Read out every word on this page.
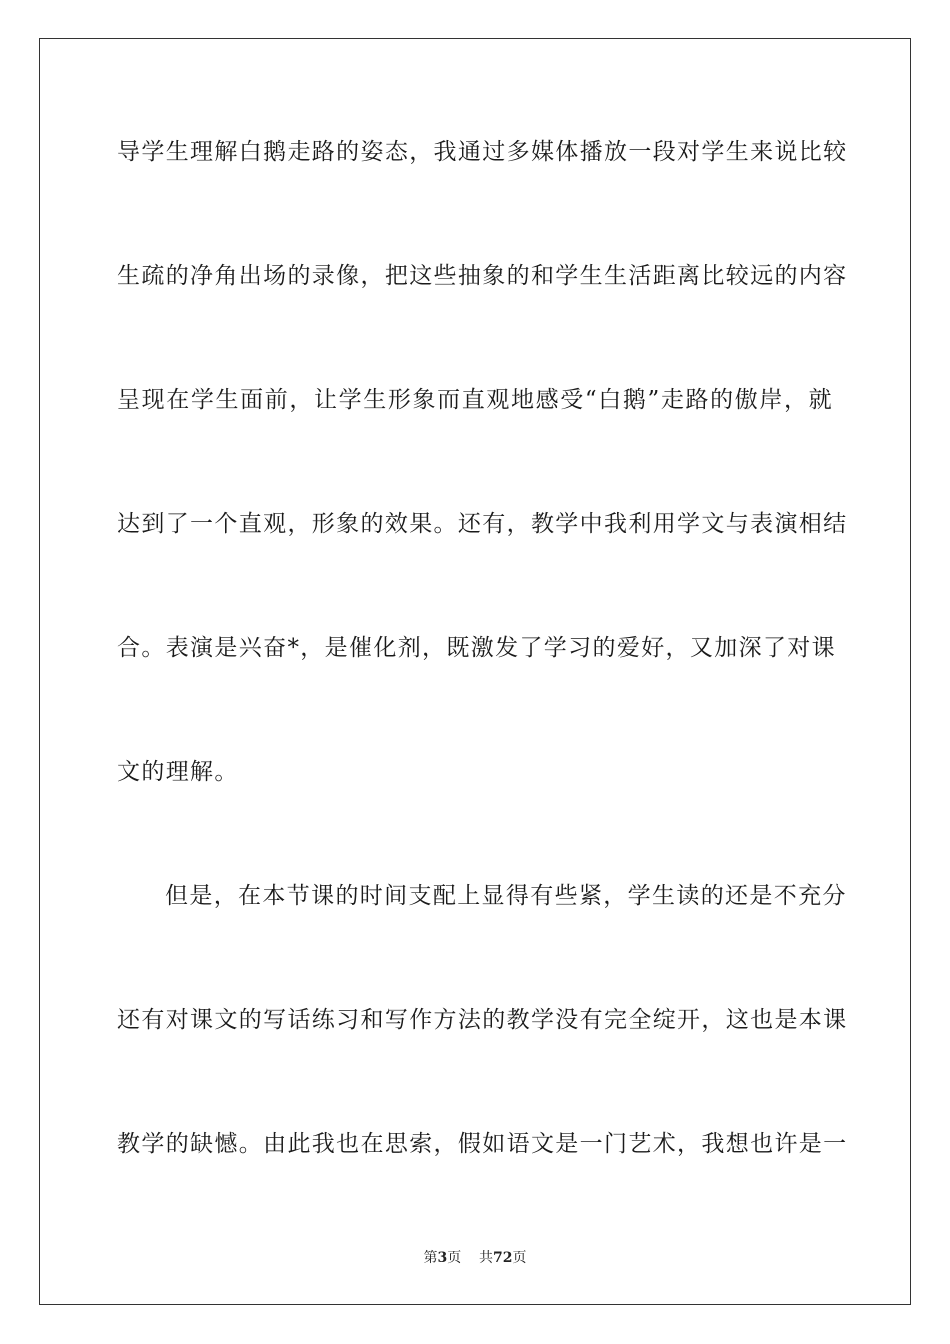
导学生理解白鹅走路的姿态，我通过多媒体播放一段对学生来说比较
生疏的净角出场的录像，把这些抽象的和学生生活距离比较远的内容
呈现在学生面前，让学生形象而直观地感受“白鹅”走路的傲岸，就
达到了一个直观，形象的效果。还有，教学中我利用学文与表演相结
合。表演是兴奋*，是催化剂，既激发了学习的爱好，又加深了对课
文的理解。
但是，在本节课的时间支配上显得有些紧，学生读的还是不充分
还有对课文的写话练习和写作方法的教学没有完全绽开，这也是本课
教学的缺憾。由此我也在思索，假如语文是一门艺术，我想也许是一
第3页 共72页
